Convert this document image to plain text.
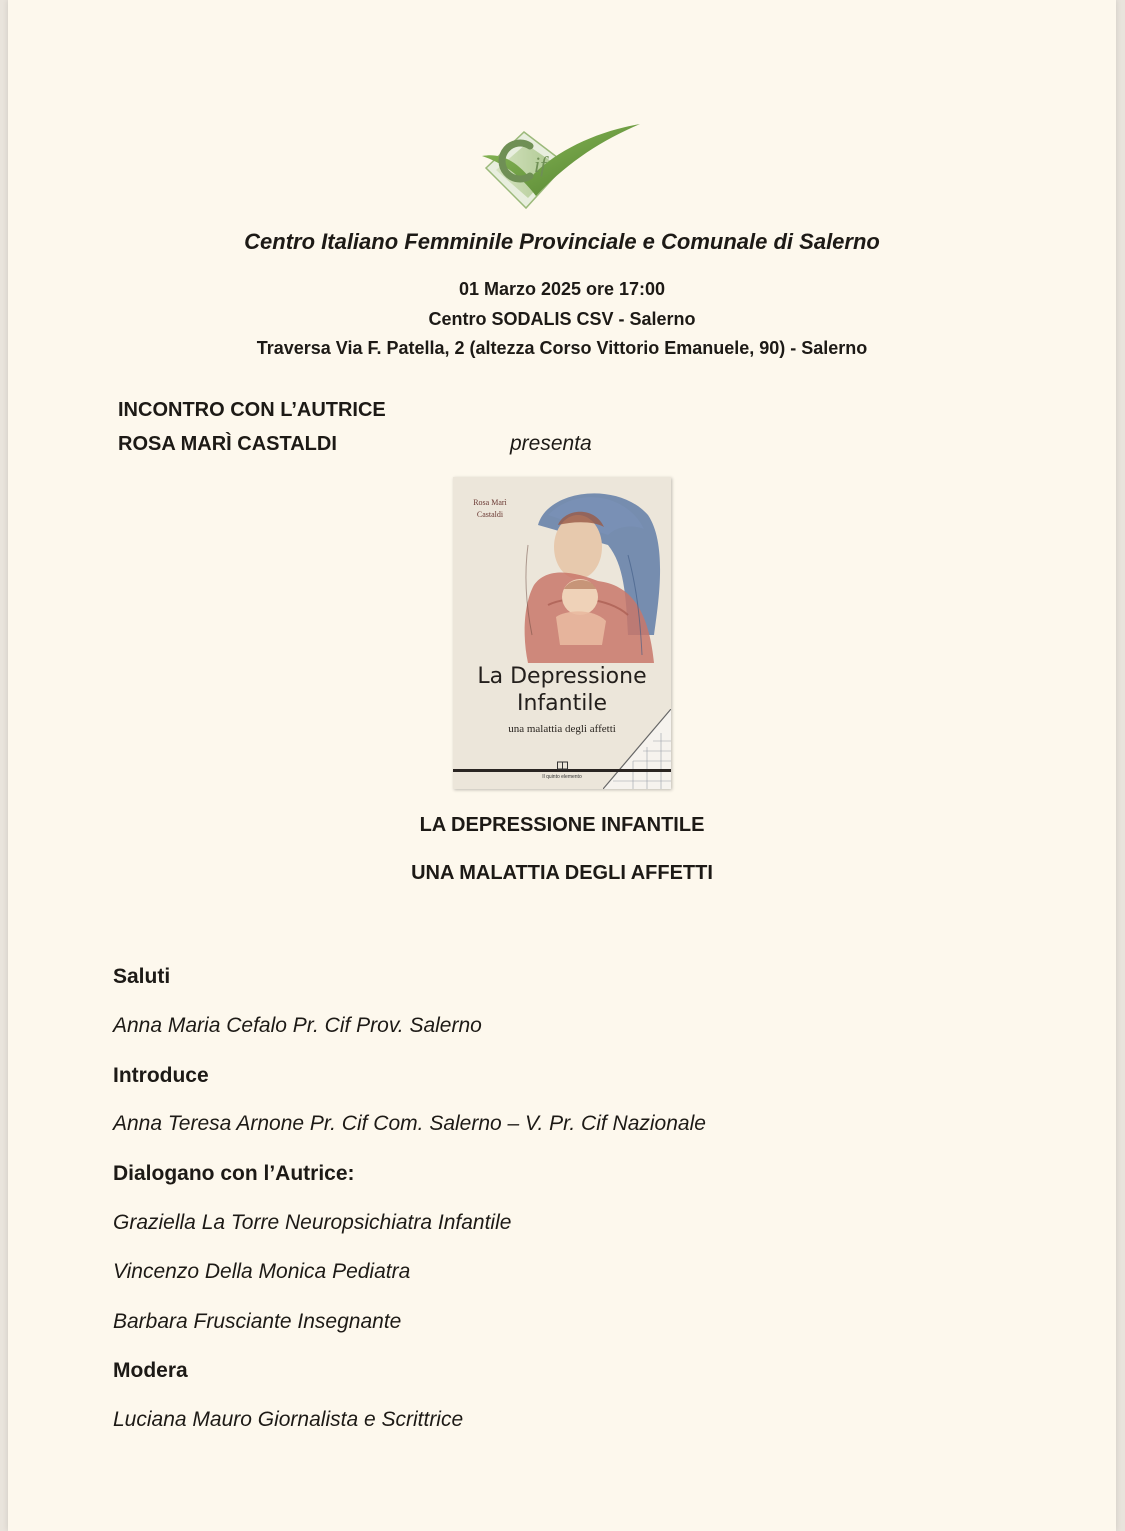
if
Centro Italiano Femminile Provinciale e Comunale di Salerno
01 Marzo 2025 ore 17:00
Centro SODALIS CSV - Salerno
Traversa Via F. Patella, 2 (altezza Corso Vittorio Emanuele, 90) - Salerno
INCONTRO CON L’AUTRICE
ROSA MARÌ CASTALDI	presenta
Rosa Marì Castaldi
La Depressione Infantile
una malattia degli affetti
Il quinto elemento
LA DEPRESSIONE INFANTILE
UNA MALATTIA DEGLI AFFETTI
Saluti
Anna Maria Cefalo Pr. Cif Prov. Salerno
Introduce
Anna Teresa Arnone Pr. Cif Com. Salerno – V. Pr. Cif Nazionale
Dialogano con l’Autrice:
Graziella La Torre Neuropsichiatra Infantile
Vincenzo Della Monica Pediatra
Barbara Frusciante Insegnante
Modera
Luciana Mauro Giornalista e Scrittrice
